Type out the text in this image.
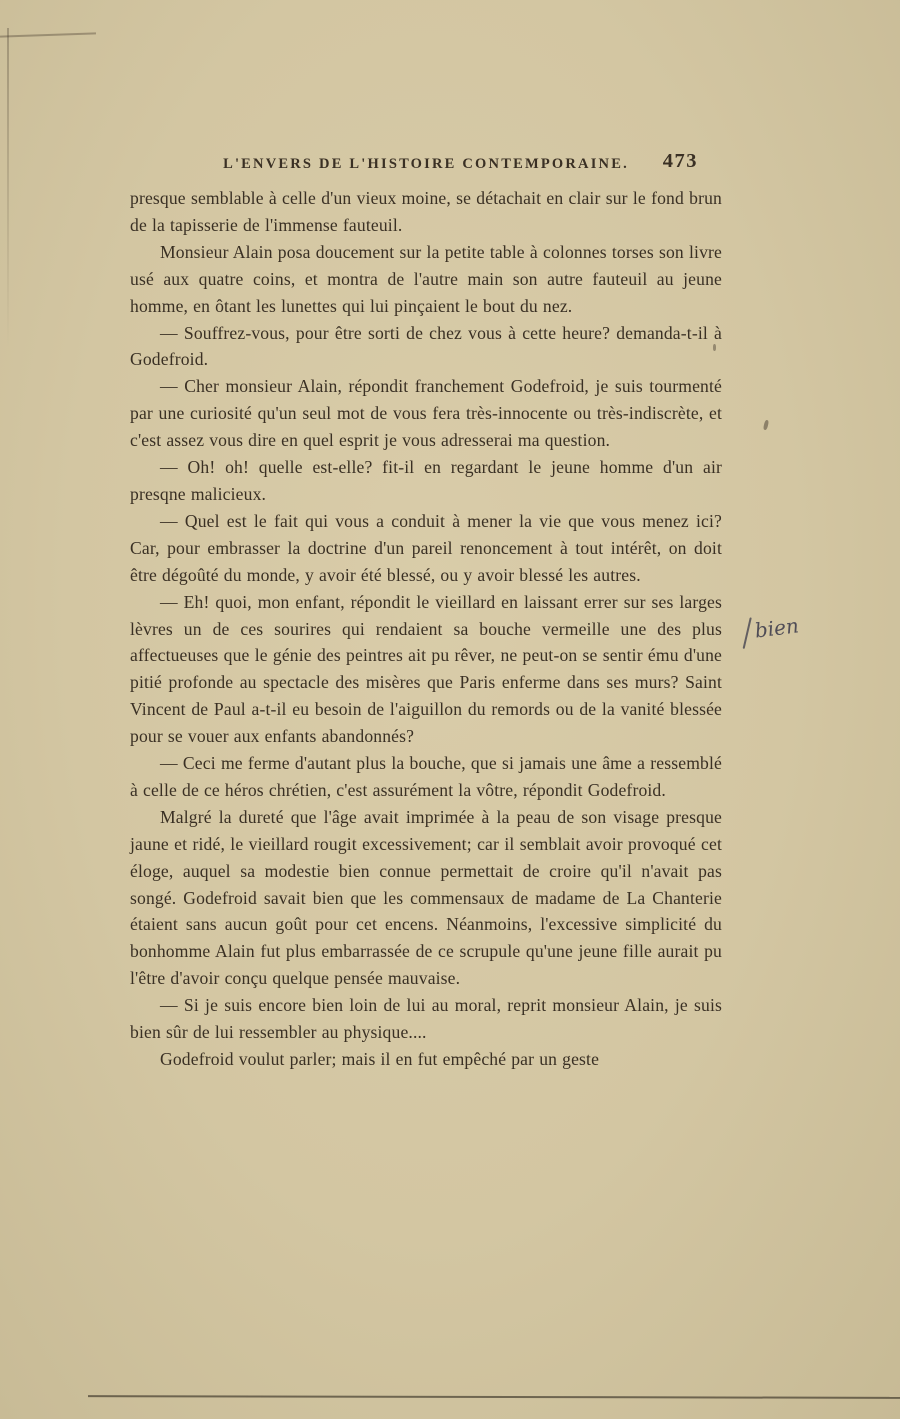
L'ENVERS DE L'HISTOIRE CONTEMPORAINE.	473

presque semblable à celle d'un vieux moine, se détachait en clair sur le fond brun de la tapisserie de l'immense fauteuil.

Monsieur Alain posa doucement sur la petite table à colonnes torses son livre usé aux quatre coins, et montra de l'autre main son autre fauteuil au jeune homme, en ôtant les lunettes qui lui pinçaient le bout du nez.

— Souffrez-vous, pour être sorti de chez vous à cette heure? demanda-t-il à Godefroid.

— Cher monsieur Alain, répondit franchement Godefroid, je suis tourmenté par une curiosité qu'un seul mot de vous fera très-innocente ou très-indiscrète, et c'est assez vous dire en quel esprit je vous adresserai ma question.

— Oh! oh! quelle est-elle? fit-il en regardant le jeune homme d'un air presqne malicieux.

— Quel est le fait qui vous a conduit à mener la vie que vous menez ici? Car, pour embrasser la doctrine d'un pareil renoncement à tout intérêt, on doit être dégoûté du monde, y avoir été blessé, ou y avoir blessé les autres.

— Eh! quoi, mon enfant, répondit le vieillard en laissant errer sur ses larges lèvres un de ces sourires qui rendaient sa bouche vermeille une des plus affectueuses que le génie des peintres ait pu rêver, ne peut-on se sentir ému d'une pitié profonde au spectacle des misères que Paris enferme dans ses murs? Saint Vincent de Paul a-t-il eu besoin de l'aiguillon du remords ou de la vanité blessée pour se vouer aux enfants abandonnés?

— Ceci me ferme d'autant plus la bouche, que si jamais une âme a ressemblé à celle de ce héros chrétien, c'est assurément la vôtre, répondit Godefroid.

Malgré la dureté que l'âge avait imprimée à la peau de son visage presque jaune et ridé, le vieillard rougit excessivement; car il semblait avoir provoqué cet éloge, auquel sa modestie bien connue permettait de croire qu'il n'avait pas songé. Godefroid savait bien que les commensaux de madame de La Chanterie étaient sans aucun goût pour cet encens. Néanmoins, l'excessive simplicité du bonhomme Alain fut plus embarrassée de ce scrupule qu'une jeune fille aurait pu l'être d'avoir conçu quelque pensée mauvaise.

— Si je suis encore bien loin de lui au moral, reprit monsieur Alain, je suis bien sûr de lui ressembler au physique....

Godefroid voulut parler; mais il en fut empêché par un geste

bien
